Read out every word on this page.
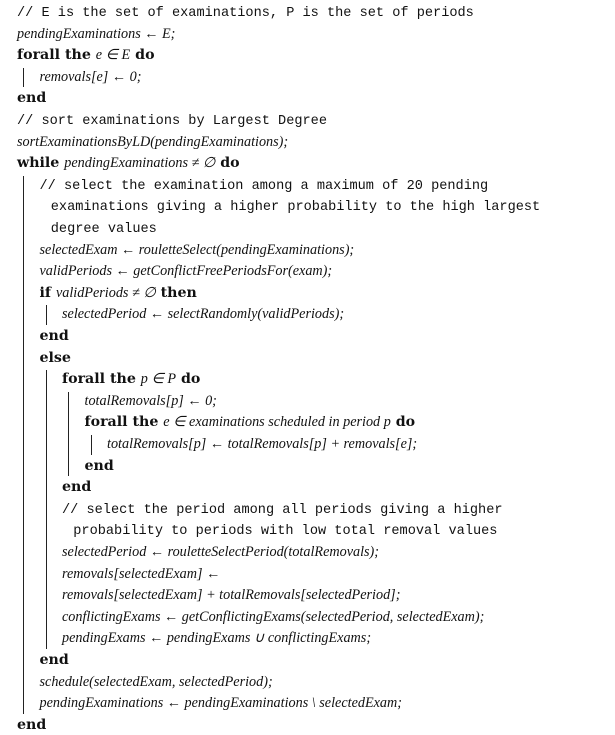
// E is the set of examinations, P is the set of periods
pendingExaminations ← E;
forall the e ∈ E do
removals[e] ← 0;
end
// sort examinations by Largest Degree
sortExaminationsByLD(pendingExaminations);
while pendingExaminations ≠ ∅ do
// select the examination among a maximum of 20 pending
examinations giving a higher probability to the high largest
degree values
selectedExam ← rouletteSelect(pendingExaminations);
validPeriods ← getConflictFreePeriodsFor(exam);
if validPeriods ≠ ∅ then
selectedPeriod ← selectRandomly(validPeriods);
end
else
forall the p ∈ P do
totalRemovals[p] ← 0;
forall the e ∈ examinations scheduled in period p do
totalRemovals[p] ← totalRemovals[p] + removals[e];
end
end
// select the period among all periods giving a higher
probability to periods with low total removal values
selectedPeriod ← rouletteSelectPeriod(totalRemovals);
removals[selectedExam] ←
removals[selectedExam] + totalRemovals[selectedPeriod];
conflictingExams ← getConflictingExams(selectedPeriod, selectedExam);
pendingExams ← pendingExams ∪ conflictingExams;
end
schedule(selectedExam, selectedPeriod);
pendingExaminations ← pendingExaminations \ selectedExam;
end
